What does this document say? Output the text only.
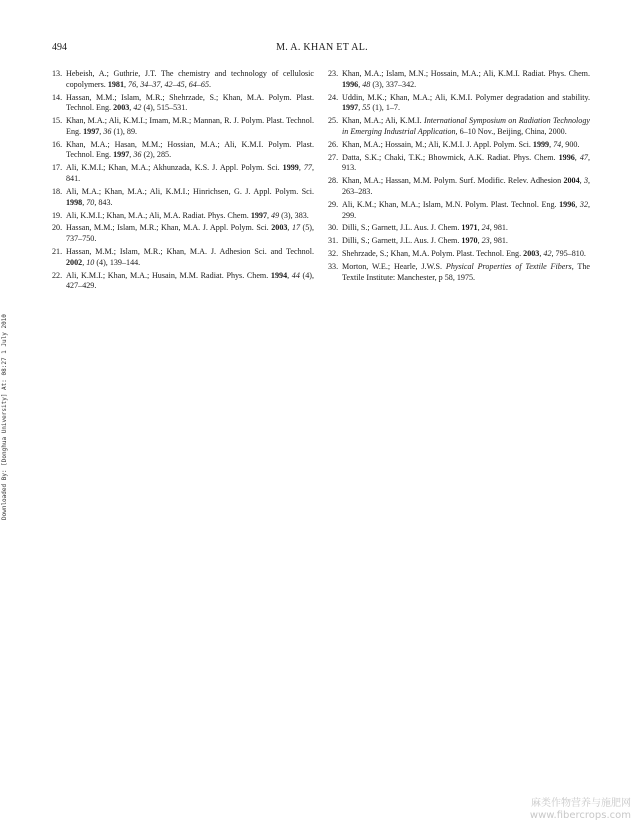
494	M. A. KHAN ET AL.
Downloaded By: [Donghua University] At: 08:27 1 July 2010
13. Hebeish, A.; Guthrie, J.T. The chemistry and technology of cellulosic copolymers. 1981, 76, 34–37, 42–45, 64–65.
14. Hassan, M.M.; Islam, M.R.; Shehrzade, S.; Khan, M.A. Polym. Plast. Technol. Eng. 2003, 42 (4), 515–531.
15. Khan, M.A.; Ali, K.M.I.; Imam, M.R.; Mannan, R. J. Polym. Plast. Technol. Eng. 1997, 36 (1), 89.
16. Khan, M.A.; Hasan, M.M.; Hossian, M.A.; Ali, K.M.I. Polym. Plast. Technol. Eng. 1997, 36 (2), 285.
17. Ali, K.M.I.; Khan, M.A.; Akhunzada, K.S. J. Appl. Polym. Sci. 1999, 77, 841.
18. Ali, M.A.; Khan, M.A.; Ali, K.M.I.; Hinrichsen, G. J. Appl. Polym. Sci. 1998, 70, 843.
19. Ali, K.M.I.; Khan, M.A.; Ali, M.A. Radiat. Phys. Chem. 1997, 49 (3), 383.
20. Hassan, M.M.; Islam, M.R.; Khan, M.A. J. Appl. Polym. Sci. 2003, 17 (5), 737–750.
21. Hassan, M.M.; Islam, M.R.; Khan, M.A. J. Adhesion Sci. and Technol. 2002, 10 (4), 139–144.
22. Ali, K.M.I.; Khan, M.A.; Husain, M.M. Radiat. Phys. Chem. 1994, 44 (4), 427–429.
23. Khan, M.A.; Islam, M.N.; Hossain, M.A.; Ali, K.M.I. Radiat. Phys. Chem. 1996, 48 (3), 337–342.
24. Uddin, M.K.; Khan, M.A.; Ali, K.M.I. Polymer degradation and stability. 1997, 55 (1), 1–7.
25. Khan, M.A.; Ali, K.M.I. International Symposium on Radiation Technology in Emerging Industrial Application, 6–10 Nov., Beijing, China, 2000.
26. Khan, M.A.; Hossain, M.; Ali, K.M.I. J. Appl. Polym. Sci. 1999, 74, 900.
27. Datta, S.K.; Chaki, T.K.; Bhowmick, A.K. Radiat. Phys. Chem. 1996, 47, 913.
28. Khan, M.A.; Hassan, M.M. Polym. Surf. Modific. Relev. Adhesion 2004, 3, 263–283.
29. Ali, K.M.; Khan, M.A.; Islam, M.N. Polym. Plast. Technol. Eng. 1996, 32, 299.
30. Dilli, S.; Garnett, J.L. Aus. J. Chem. 1971, 24, 981.
31. Dilli, S.; Garnett, J.L. Aus. J. Chem. 1970, 23, 981.
32. Shehrzade, S.; Khan, M.A. Polym. Plast. Technol. Eng. 2003, 42, 795–810.
33. Morton, W.E.; Hearle, J.W.S. Physical Properties of Textile Fibers, The Textile Institute: Manchester, p 58, 1975.
麻类作物营养与施肥网
www.fibercrops.com
